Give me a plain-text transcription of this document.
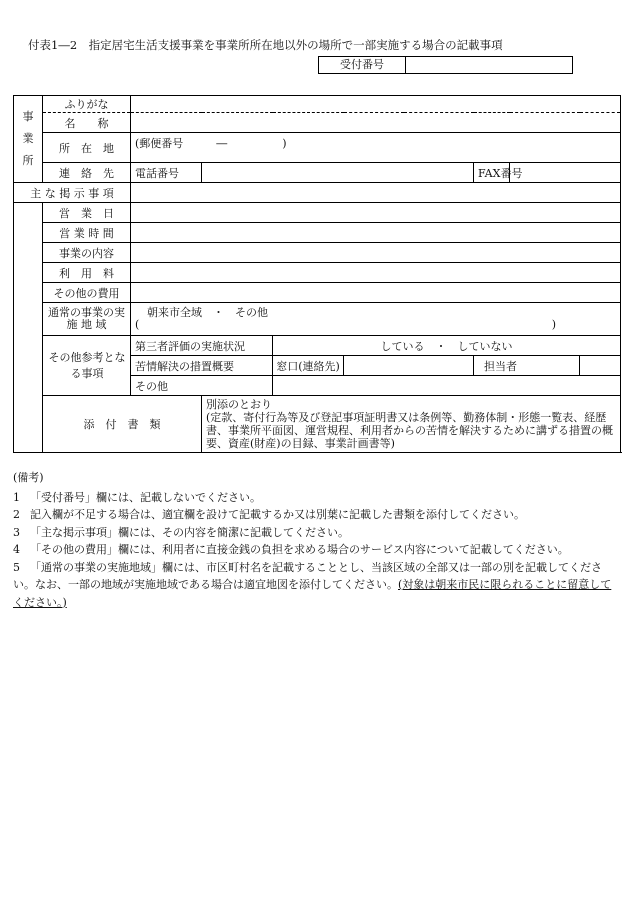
付表1―2　指定居宅生活支援事業を事業所所在地以外の場所で一部実施する場合の記載事項
受付番号
事業所	ふりがな							
	名　　称							
	所　在　地	(郵便番号　　　―　　　　　)						
	連　絡　先	電話番号				FAX番号		
主 な 掲 示 事 項								
	営　業　日							
	営 業 時 間							
	事業の内容							
	利　用　料							
	その他の費用							
	通常の事業の実 施 地 域	朝来市全域　・　その他
( )						

	その他参考となる事項	第三者評価の実施状況		している　・　していない				
		苦情解決の措置概要		窓口(連絡先)		担当者		
		その他						
	添　付　書　類		別添のとおり
(定款、寄付行為等及び登記事項証明書又は条例等、勤務体制・形態一覧表、経歴書、事業所平面図、運営規程、利用者からの苦情を解決するために講ずる措置の概要、資産(財産)の目録、事業計画書等)					
(備考)
1 「受付番号」欄には、記載しないでください。
2 記入欄が不足する場合は、適宜欄を設けて記載するか又は別葉に記載した書類を添付してください。
3 「主な掲示事項」欄には、その内容を簡潔に記載してください。
4 「その他の費用」欄には、利用者に直接金銭の負担を求める場合のサービス内容について記載してください。
5 「通常の事業の実施地域」欄には、市区町村名を記載することとし、当該区域の全部又は一部の別を記載してください。なお、一部の地域が実施地域である場合は適宜地図を添付してください。(対象は朝来市民に限られることに留意してください。)
